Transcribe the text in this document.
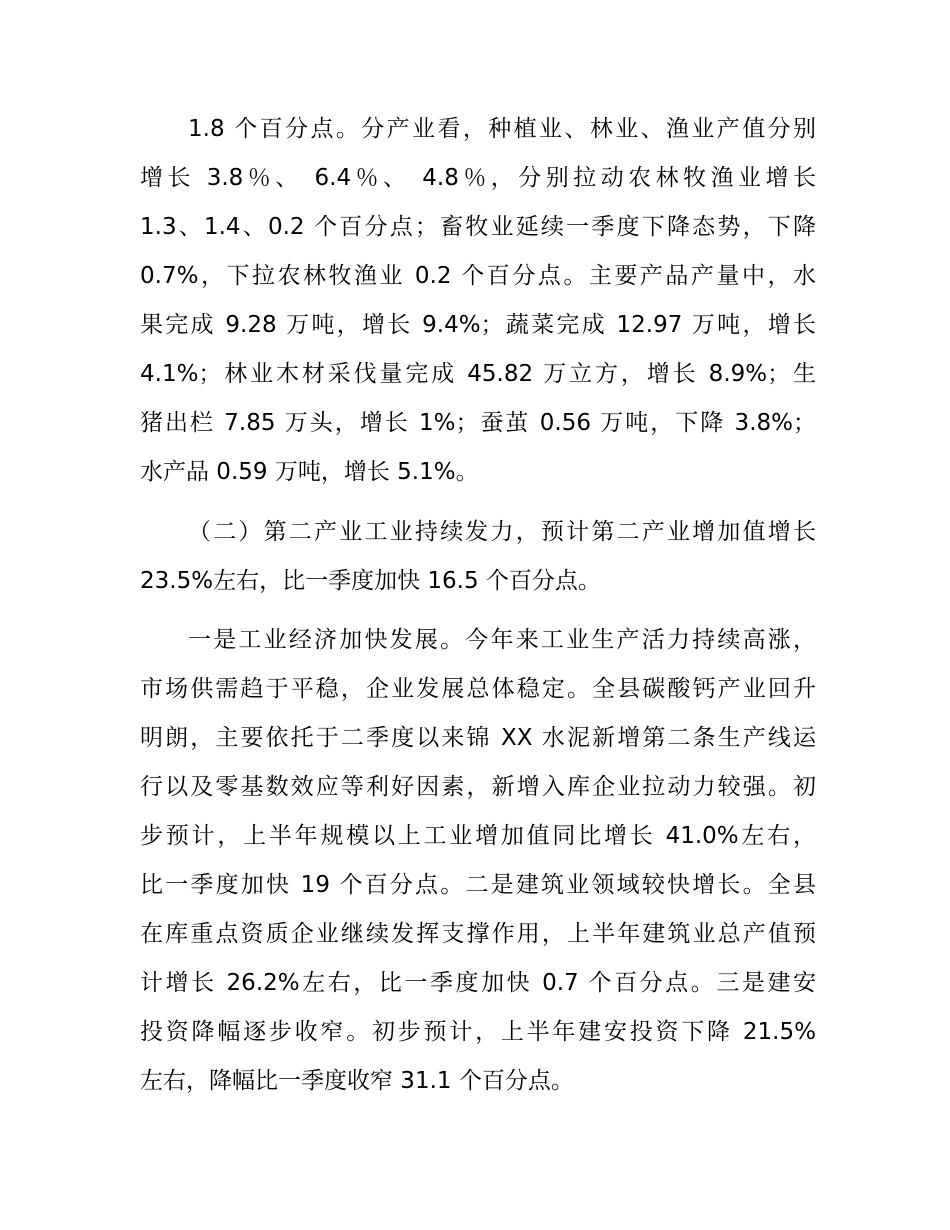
1.8 个百分点。分产业看，种植业、林业、渔业产值分别
增长 3.8％、 6.4％、 4.8％，分别拉动农林牧渔业增长
1.3、1.4、0.2 个百分点；畜牧业延续一季度下降态势，下降
0.7%，下拉农林牧渔业 0.2 个百分点。主要产品产量中，水
果完成 9.28 万吨，增长 9.4%；蔬菜完成 12.97 万吨，增长
4.1%；林业木材采伐量完成 45.82 万立方，增长 8.9%；生
猪出栏 7.85 万头，增长 1%；蚕茧 0.56 万吨，下降 3.8%；
水产品 0.59 万吨，增长 5.1%。
（二）第二产业工业持续发力，预计第二产业增加值增长
23.5%左右，比一季度加快 16.5 个百分点。
一是工业经济加快发展。今年来工业生产活力持续高涨，
市场供需趋于平稳，企业发展总体稳定。全县碳酸钙产业回升
明朗，主要依托于二季度以来锦 XX 水泥新增第二条生产线运
行以及零基数效应等利好因素，新增入库企业拉动力较强。初
步预计，上半年规模以上工业增加值同比增长 41.0%左右，
比一季度加快 19 个百分点。二是建筑业领域较快增长。全县
在库重点资质企业继续发挥支撑作用，上半年建筑业总产值预
计增长 26.2%左右，比一季度加快 0.7 个百分点。三是建安
投资降幅逐步收窄。初步预计，上半年建安投资下降 21.5%
左右，降幅比一季度收窄 31.1 个百分点。
